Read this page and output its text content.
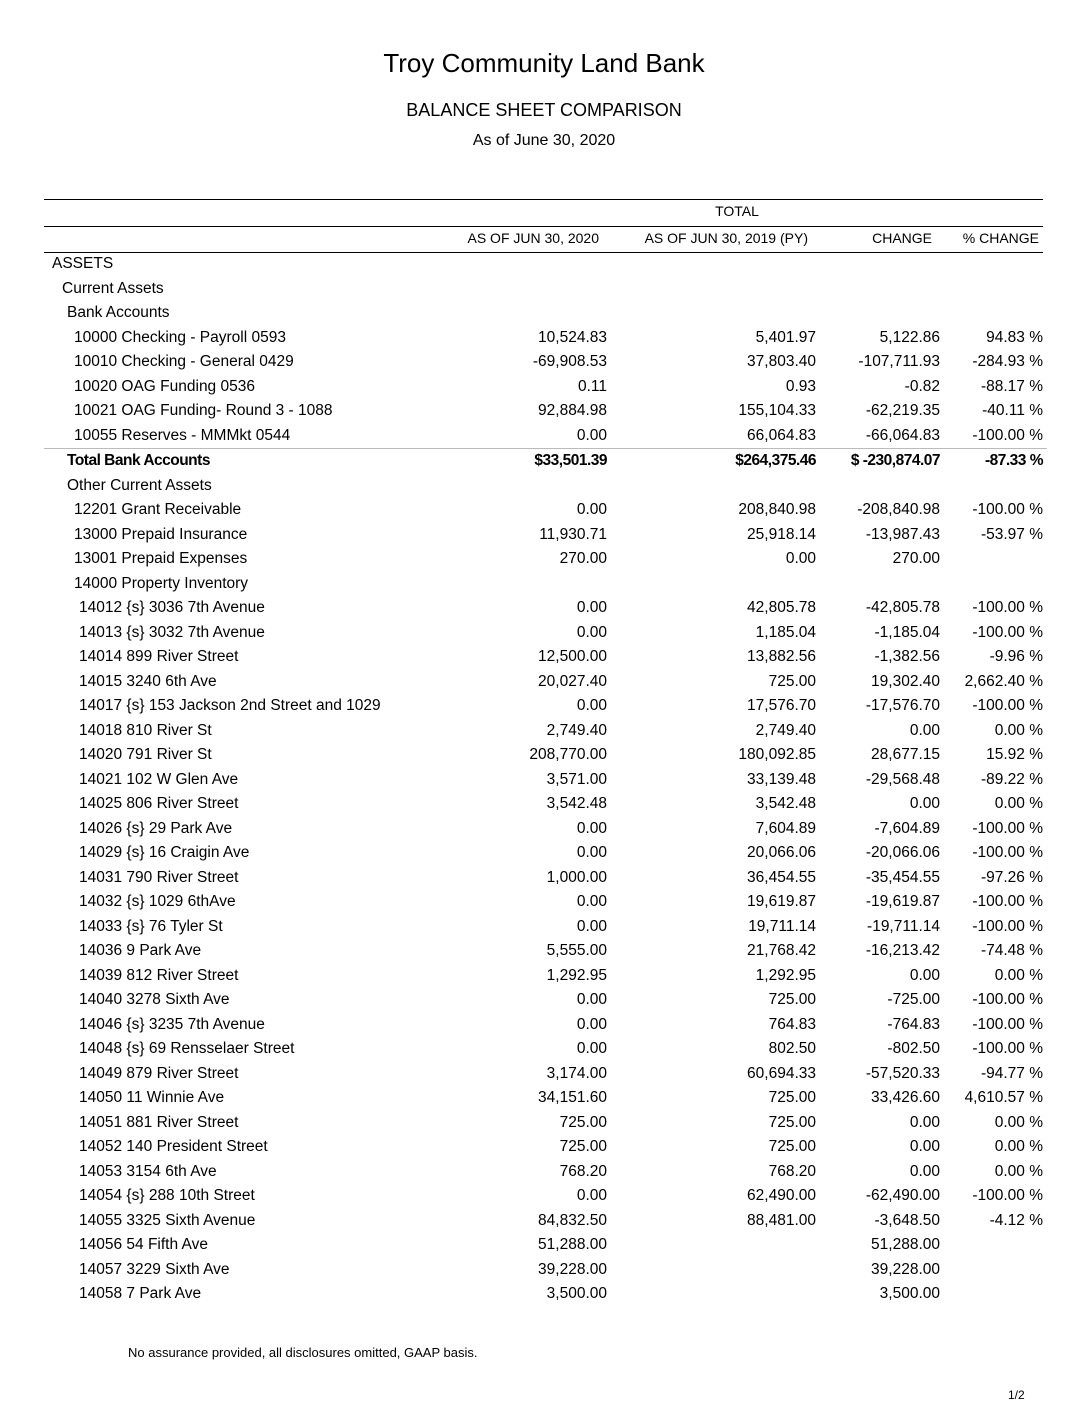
Troy Community Land Bank
BALANCE SHEET COMPARISON
As of June 30, 2020
TOTAL
AS OF JUN 30, 2020	AS OF JUN 30, 2019 (PY)	CHANGE	% CHANGE
ASSETS				
Current Assets				
Bank Accounts				
10000 Checking - Payroll 0593	10,524.83	5,401.97	5,122.86	94.83 %
10010 Checking - General 0429	-69,908.53	37,803.40	-107,711.93	-284.93 %
10020 OAG Funding 0536	0.11	0.93	-0.82	-88.17 %
10021 OAG Funding- Round 3 - 1088	92,884.98	155,104.33	-62,219.35	-40.11 %
10055 Reserves - MMMkt 0544	0.00	66,064.83	-66,064.83	-100.00 %
Total Bank Accounts	$33,501.39	$264,375.46	$ -230,874.07	-87.33 %
Other Current Assets				
12201 Grant Receivable	0.00	208,840.98	-208,840.98	-100.00 %
13000 Prepaid Insurance	11,930.71	25,918.14	-13,987.43	-53.97 %
13001 Prepaid Expenses	270.00	0.00	270.00	
14000 Property Inventory				
14012 {s} 3036 7th Avenue	0.00	42,805.78	-42,805.78	-100.00 %
14013 {s} 3032 7th Avenue	0.00	1,185.04	-1,185.04	-100.00 %
14014 899 River Street	12,500.00	13,882.56	-1,382.56	-9.96 %
14015 3240 6th Ave	20,027.40	725.00	19,302.40	2,662.40 %
14017 {s} 153 Jackson 2nd Street and 1029	0.00	17,576.70	-17,576.70	-100.00 %
14018 810 River St	2,749.40	2,749.40	0.00	0.00 %
14020 791 River St	208,770.00	180,092.85	28,677.15	15.92 %
14021 102 W Glen Ave	3,571.00	33,139.48	-29,568.48	-89.22 %
14025 806 River Street	3,542.48	3,542.48	0.00	0.00 %
14026 {s} 29 Park Ave	0.00	7,604.89	-7,604.89	-100.00 %
14029 {s} 16 Craigin Ave	0.00	20,066.06	-20,066.06	-100.00 %
14031 790 River Street	1,000.00	36,454.55	-35,454.55	-97.26 %
14032 {s} 1029 6thAve	0.00	19,619.87	-19,619.87	-100.00 %
14033 {s} 76 Tyler St	0.00	19,711.14	-19,711.14	-100.00 %
14036 9 Park Ave	5,555.00	21,768.42	-16,213.42	-74.48 %
14039 812 River Street	1,292.95	1,292.95	0.00	0.00 %
14040 3278 Sixth Ave	0.00	725.00	-725.00	-100.00 %
14046 {s} 3235 7th Avenue	0.00	764.83	-764.83	-100.00 %
14048 {s} 69 Rensselaer Street	0.00	802.50	-802.50	-100.00 %
14049 879 River Street	3,174.00	60,694.33	-57,520.33	-94.77 %
14050 11 Winnie Ave	34,151.60	725.00	33,426.60	4,610.57 %
14051 881 River Street	725.00	725.00	0.00	0.00 %
14052 140 President Street	725.00	725.00	0.00	0.00 %
14053 3154 6th Ave	768.20	768.20	0.00	0.00 %
14054 {s} 288 10th Street	0.00	62,490.00	-62,490.00	-100.00 %
14055 3325 Sixth Avenue	84,832.50	88,481.00	-3,648.50	-4.12 %
14056 54 Fifth Ave	51,288.00		51,288.00	
14057 3229 Sixth Ave	39,228.00		39,228.00	
14058 7 Park Ave	3,500.00		3,500.00	
No assurance provided, all disclosures omitted, GAAP basis.
1/2
